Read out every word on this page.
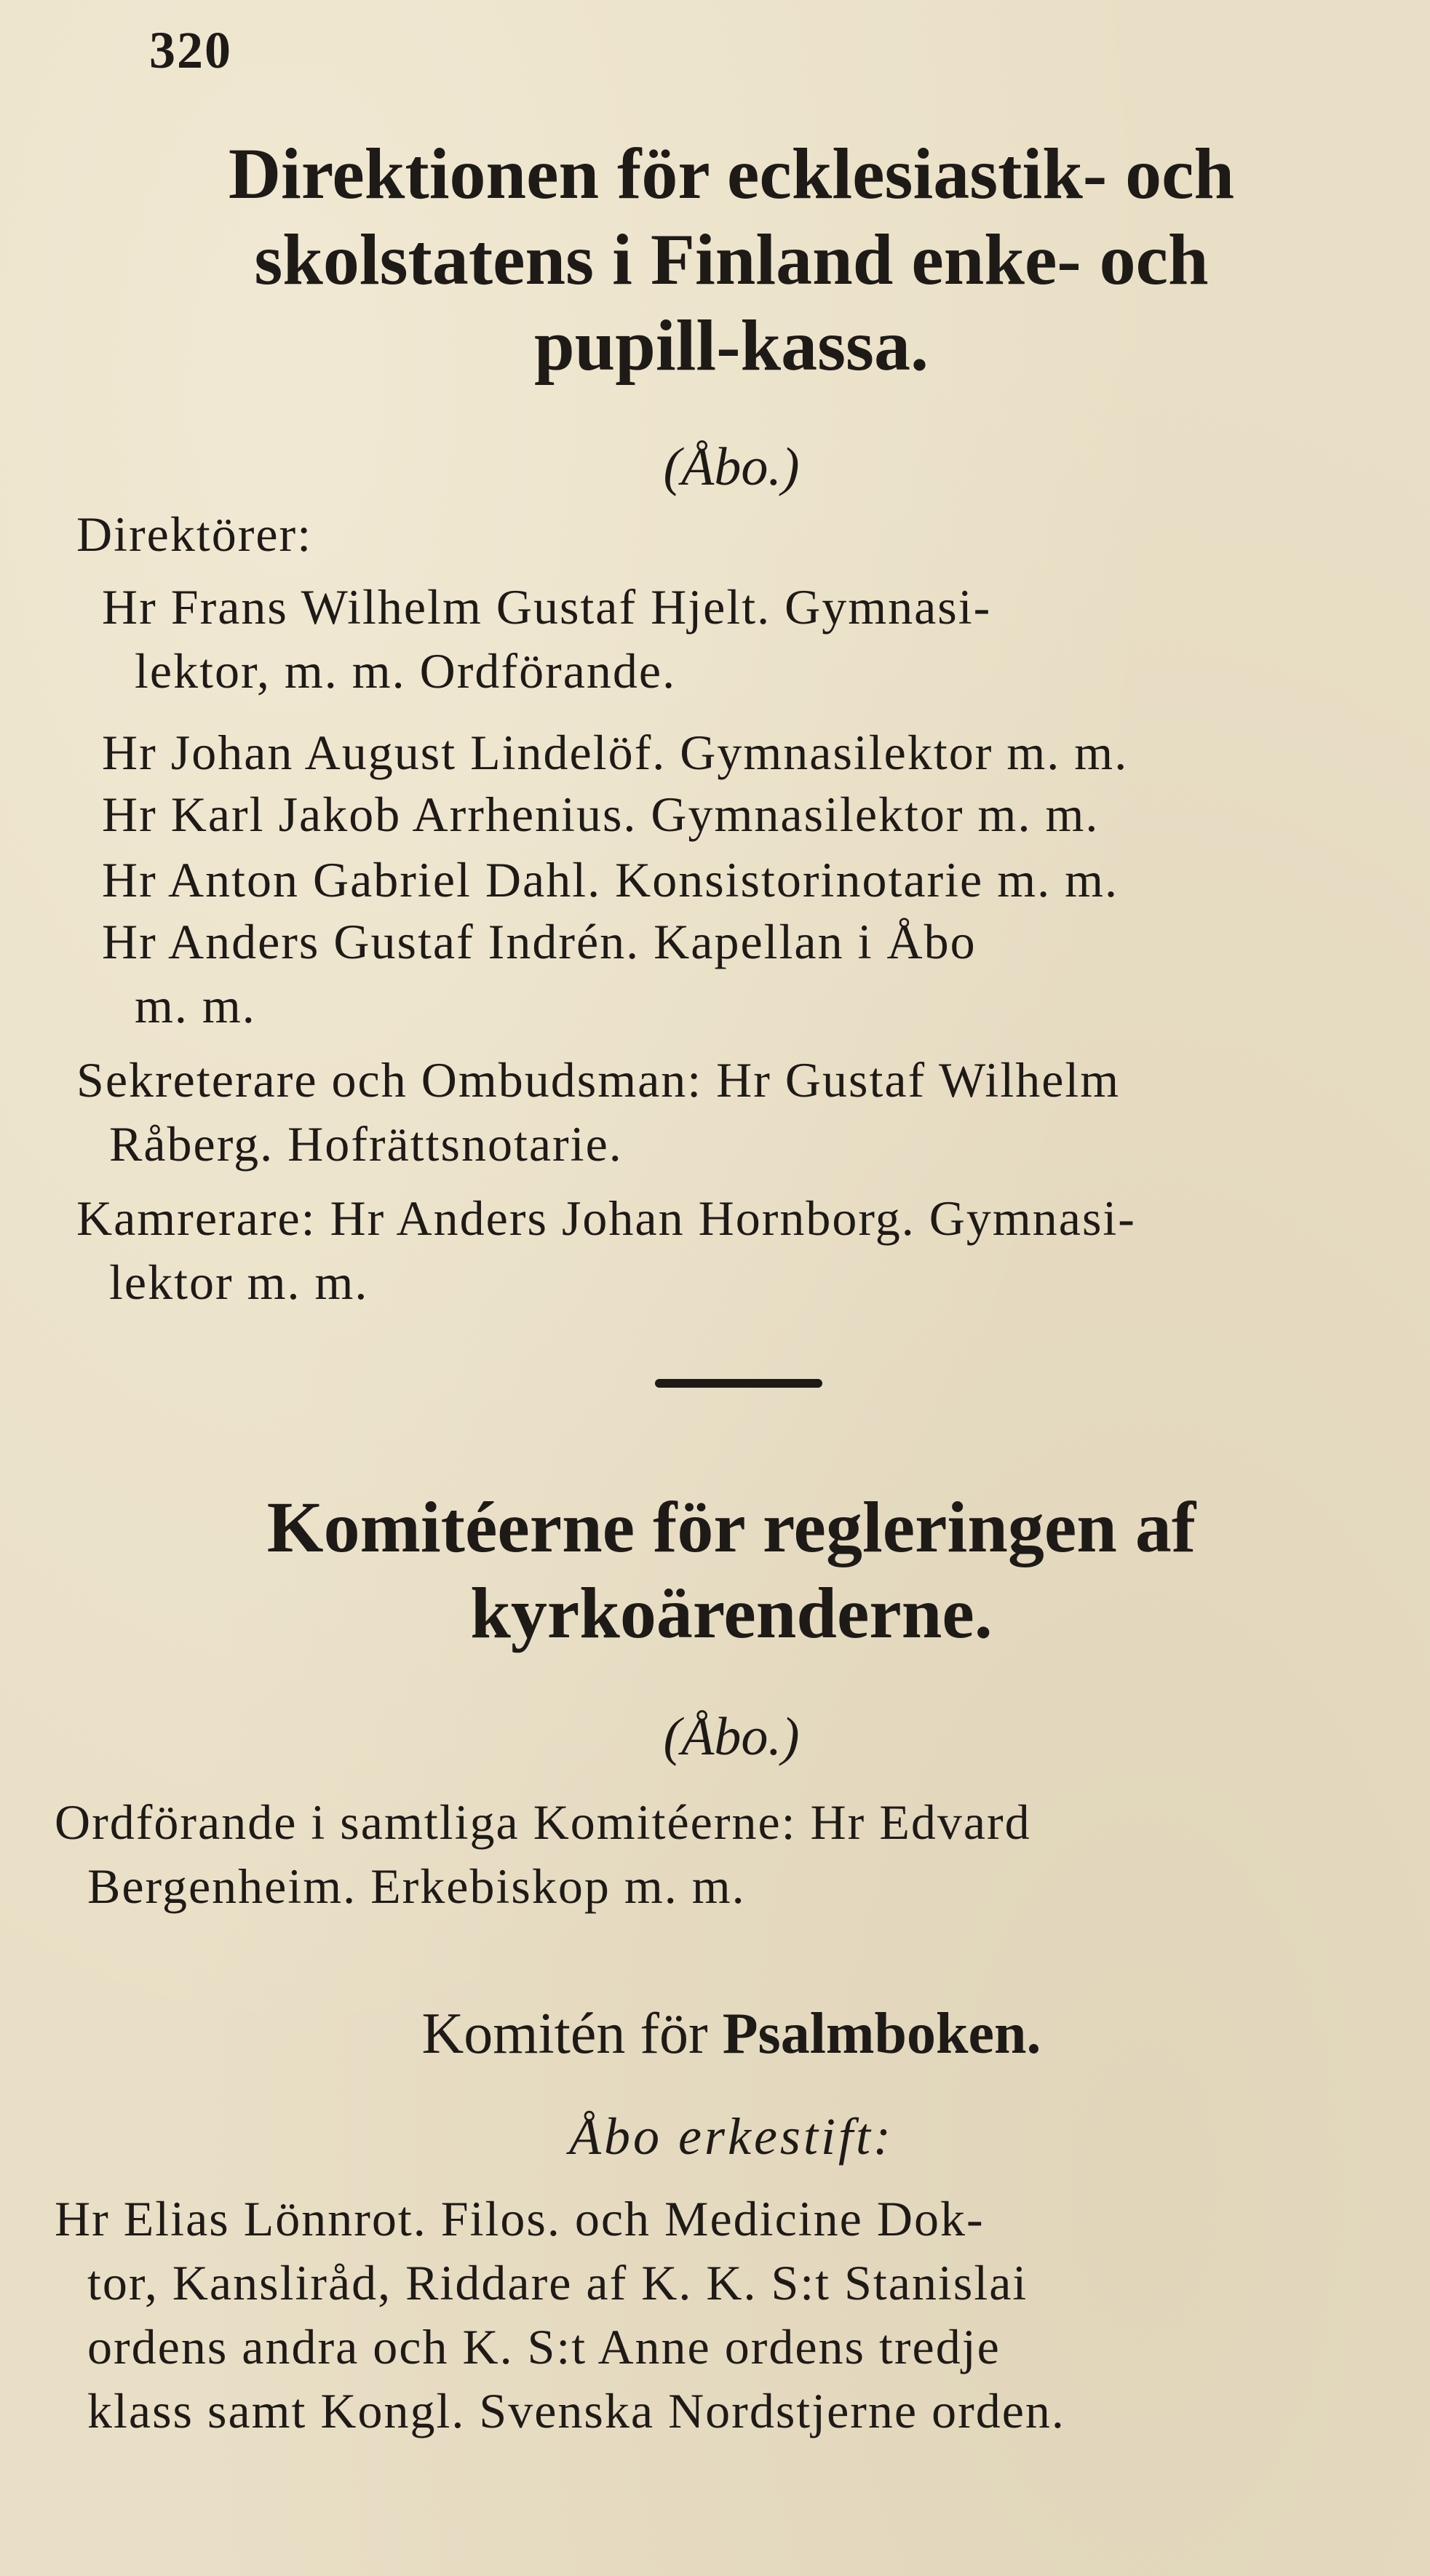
320
Direktionen för ecklesiastik- och
skolstatens i Finland enke- och
pupill-kassa.
(Åbo.)
Direktörer:
Hr Frans Wilhelm Gustaf Hjelt. Gymnasi-
lektor, m. m. Ordförande.
Hr Johan August Lindelöf. Gymnasilektor m. m.
Hr Karl Jakob Arrhenius. Gymnasilektor m. m.
Hr Anton Gabriel Dahl. Konsistorinotarie m. m.
Hr Anders Gustaf Indrén. Kapellan i Åbo
m. m.
Sekreterare och Ombudsman: Hr Gustaf Wilhelm
Råberg. Hofrättsnotarie.
Kamrerare: Hr Anders Johan Hornborg. Gymnasi-
lektor m. m.
Komitéerne för regleringen af
kyrkoärenderne.
(Åbo.)
Ordförande i samtliga Komitéerne: Hr Edvard
Bergenheim. Erkebiskop m. m.
Komitén för Psalmboken.
Åbo erkestift:
Hr Elias Lönnrot. Filos. och Medicine Dok-
tor, Kansliråd, Riddare af K. K. S:t Stanislai
ordens andra och K. S:t Anne ordens tredje
klass samt Kongl. Svenska Nordstjerne orden.
